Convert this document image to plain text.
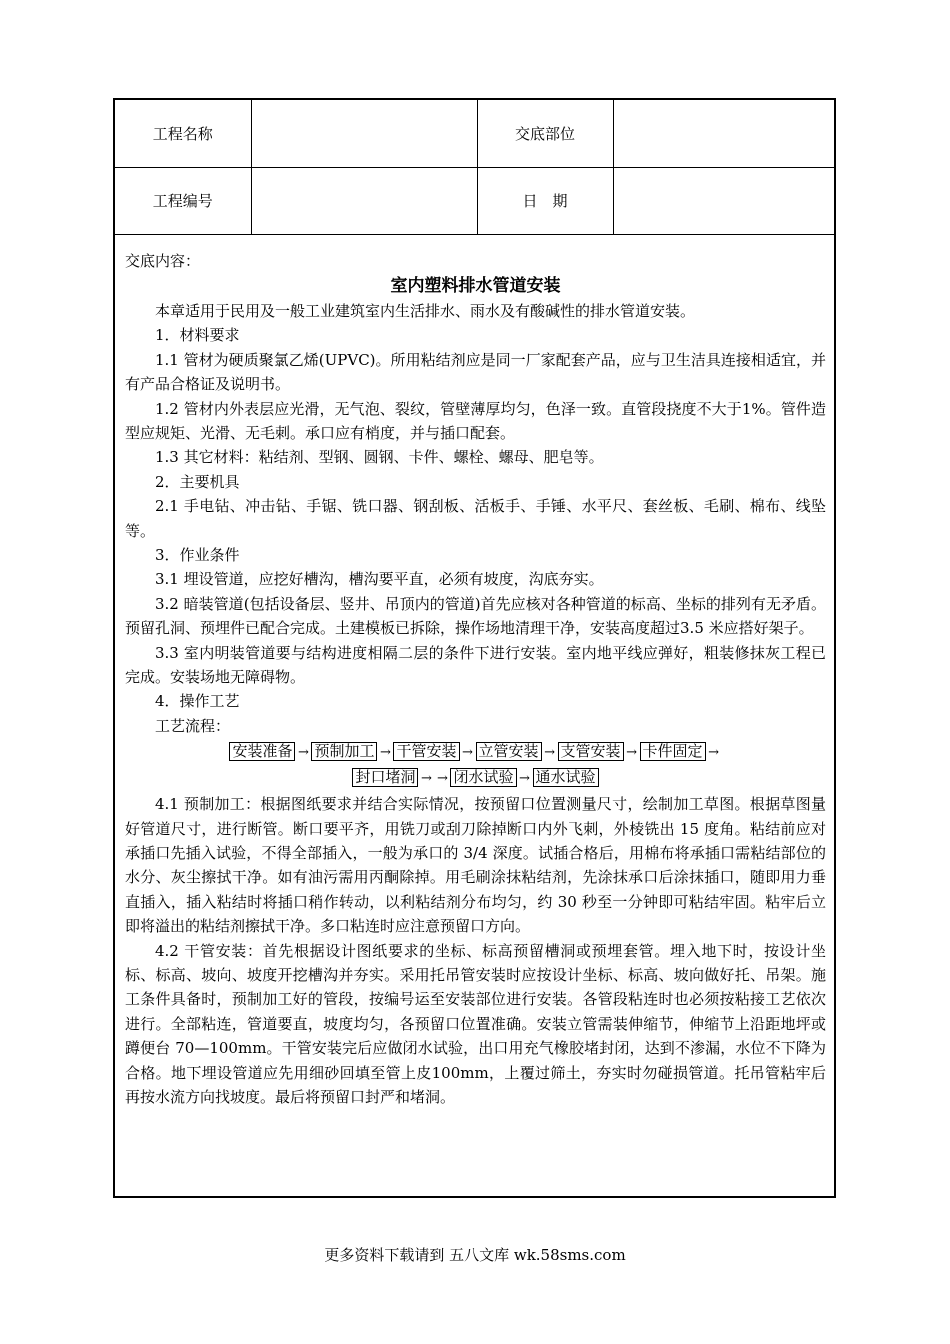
工程名称		交底部位	
工程编号		日　期	

交底内容：

室内塑料排水管道安装

本章适用于民用及一般工业建筑室内生活排水、雨水及有酸碱性的排水管道安装。

1．材料要求

1.1 管材为硬质聚氯乙烯(UPVC)。所用粘结剂应是同一厂家配套产品，应与卫生洁具连接相适宜，并有产品合格证及说明书。

1.2 管材内外表层应光滑，无气泡、裂纹，管壁薄厚均匀，色泽一致。直管段挠度不大于1%。管件造型应规矩、光滑、无毛刺。承口应有梢度，并与插口配套。

1.3 其它材料：粘结剂、型钢、圆钢、卡件、螺栓、螺母、肥皂等。

2．主要机具

2.1 手电钻、冲击钻、手锯、铣口器、钢刮板、活板手、手锤、水平尺、套丝板、毛刷、棉布、线坠等。

3．作业条件

3.1 埋设管道，应挖好槽沟，槽沟要平直，必须有坡度，沟底夯实。

3.2 暗装管道(包括设备层、竖井、吊顶内的管道)首先应核对各种管道的标高、坐标的排列有无矛盾。预留孔洞、预埋件已配合完成。土建模板已拆除，操作场地清理干净，安装高度超过3.5 米应搭好架子。

3.3 室内明装管道要与结构进度相隔二层的条件下进行安装。室内地平线应弹好，粗装修抹灰工程已完成。安装场地无障碍物。

4．操作工艺

工艺流程：

安装准备 → 预制加工 → 干管安装 → 立管安装 → 支管安装 → 卡件固定 →

封口堵洞 → → 闭水试验 → 通水试验

4.1 预制加工：根据图纸要求并结合实际情况，按预留口位置测量尺寸，绘制加工草图。根据草图量好管道尺寸，进行断管。断口要平齐，用铣刀或刮刀除掉断口内外飞刺，外棱铣出 15 度角。粘结前应对承插口先插入试验，不得全部插入，一般为承口的 3/4 深度。试插合格后，用棉布将承插口需粘结部位的水分、灰尘擦拭干净。如有油污需用丙酮除掉。用毛刷涂抹粘结剂，先涂抹承口后涂抹插口，随即用力垂直插入，插入粘结时将插口稍作转动，以利粘结剂分布均匀，约 30 秒至一分钟即可粘结牢固。粘牢后立即将溢出的粘结剂擦拭干净。多口粘连时应注意预留口方向。

4.2 干管安装：首先根据设计图纸要求的坐标、标高预留槽洞或预埋套管。埋入地下时，按设计坐标、标高、坡向、坡度开挖槽沟并夯实。采用托吊管安装时应按设计坐标、标高、坡向做好托、吊架。施工条件具备时，预制加工好的管段，按编号运至安装部位进行安装。各管段粘连时也必须按粘接工艺依次进行。全部粘连，管道要直，坡度均匀，各预留口位置准确。安装立管需装伸缩节，伸缩节上沿距地坪或蹲便台 70—100mm。干管安装完后应做闭水试验，出口用充气橡胶堵封闭，达到不渗漏，水位不下降为合格。地下埋设管道应先用细砂回填至管上皮100mm，上覆过筛土，夯实时勿碰损管道。托吊管粘牢后再按水流方向找坡度。最后将预留口封严和堵洞。

更多资料下载请到 五八文库 wk.58sms.com
